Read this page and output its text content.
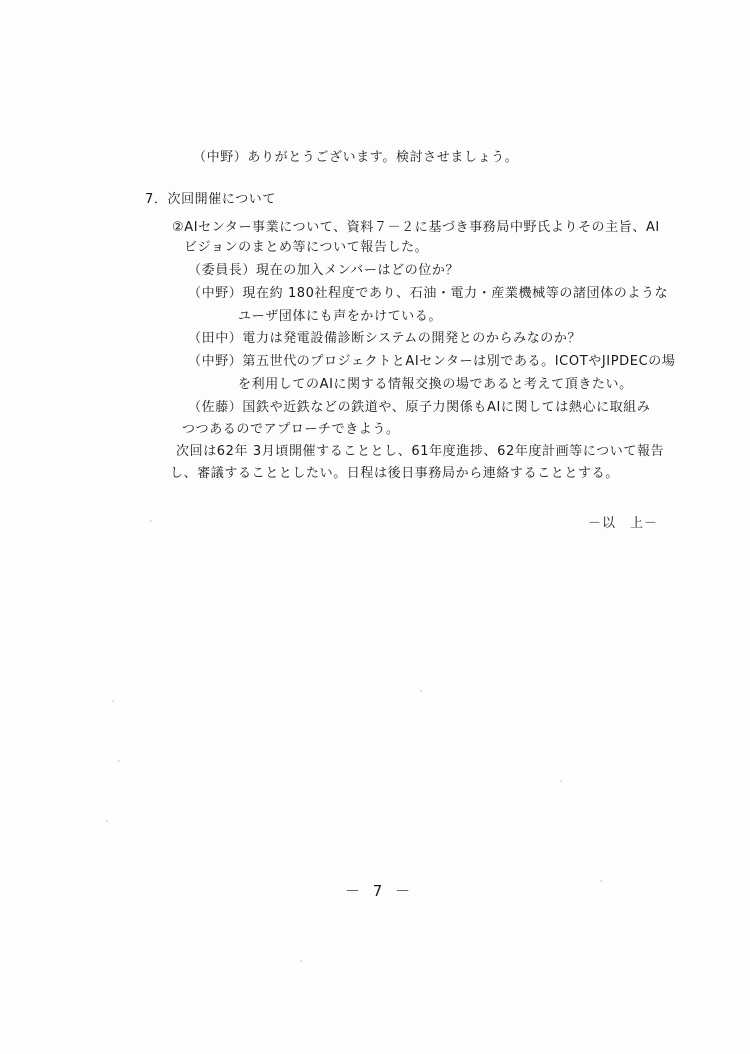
（中野）ありがとうございます。検討させましょう。
7．次回開催について
②AIセンター事業について、資料７－２に基づき事務局中野氏よりその主旨、AI
ビジョンのまとめ等について報告した。
（委員長）現在の加入メンバーはどの位か？
（中野）現在約 180社程度であり、石油・電力・産業機械等の諸団体のような
ユーザ団体にも声をかけている。
（田中）電力は発電設備診断システムの開発とのからみなのか？
（中野）第五世代のプロジェクトとAIセンターは別である。ICOTやJIPDECの場
を利用してのAIに関する情報交換の場であると考えて頂きたい。
（佐藤）国鉄や近鉄などの鉄道や、原子力関係もAIに関しては熱心に取組み
つつあるのでアプローチできよう。
次回は62年 3月頃開催することとし、61年度進捗、62年度計画等について報告
し、審議することとしたい。日程は後日事務局から連絡することとする。
－以　上－
－ 7 －
